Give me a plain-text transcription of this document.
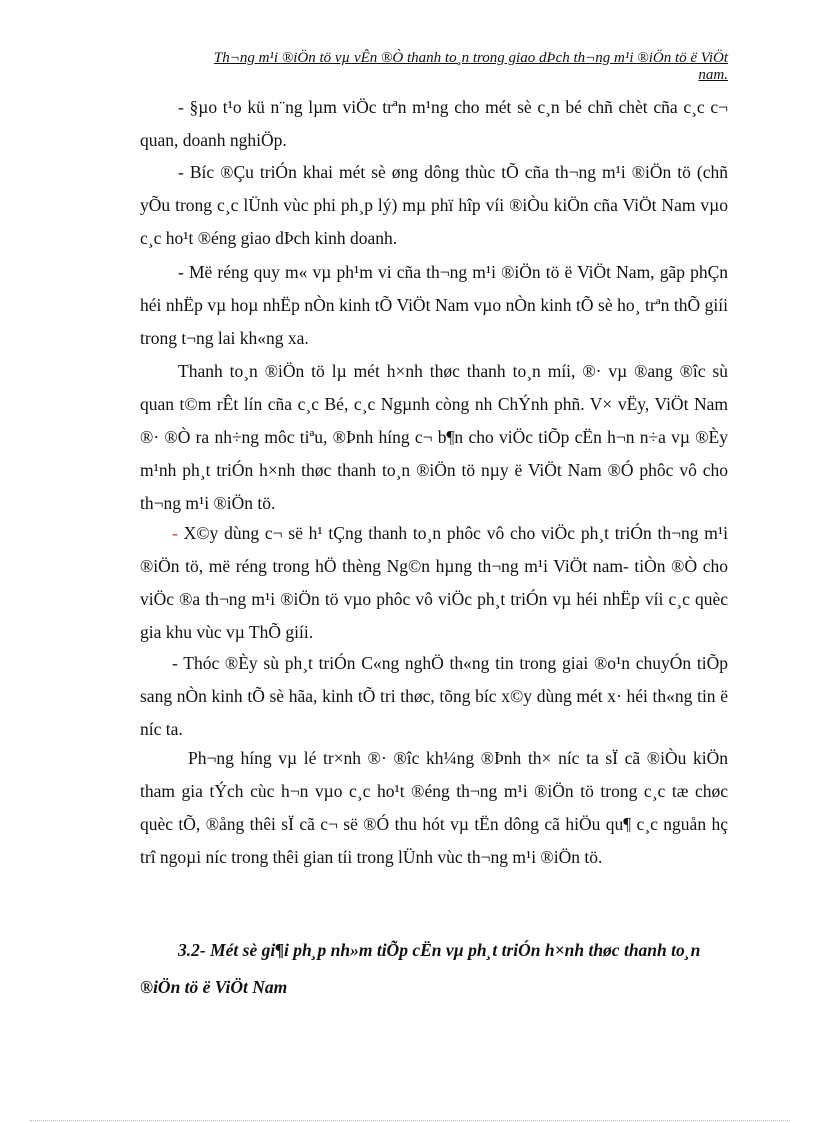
Th¬ng m¹i ®iÖn tö vµ vÊn ®Ò thanh to¸n trong giao dÞch th¬ng m¹i ®iÖn tö ë ViÖt
nam.
- §µo t¹o kü n¨ng lµm viÖc trªn m¹ng cho mét sè c¸n bé chñ chèt cña c¸c c¬ quan, doanh nghiÖp.
- Bíc ®Çu triÓn khai mét sè øng dông thùc tÕ cña th¬ng m¹i ®iÖn tö (chñ yÕu trong c¸c lÜnh vùc phi ph¸p lý) mµ phï hîp víi ®iÒu kiÖn cña ViÖt Nam vµo c¸c ho¹t ®éng giao dÞch kinh doanh.
- Më réng quy m« vµ ph¹m vi cña th¬ng m¹i ®iÖn tö ë ViÖt Nam, gãp phÇn héi nhËp vµ hoµ nhËp nÒn kinh tÕ ViÖt Nam vµo nÒn kinh tÕ sè ho¸ trªn thÕ giíi trong t¬ng lai kh«ng xa.
Thanh to¸n ®iÖn tö lµ mét h×nh thøc thanh to¸n míi, ®· vµ ®ang ®îc sù quan t©m rÊt lín cña c¸c Bé, c¸c Ngµnh còng nh ChÝnh phñ. V× vËy, ViÖt Nam ®· ®Ò ra nh÷ng môc tiªu, ®Þnh híng c¬ b¶n cho viÖc tiÕp cËn h¬n n÷a vµ ®Èy m¹nh ph¸t triÓn h×nh thøc thanh to¸n ®iÖn tö nµy ë ViÖt Nam ®Ó phôc vô cho th¬ng m¹i ®iÖn tö.
- X©y dùng c¬ së h¹ tÇng thanh to¸n phôc vô cho viÖc ph¸t triÓn th¬ng m¹i ®iÖn tö, më réng trong hÖ thèng Ng©n hµng th¬ng m¹i ViÖt nam- tiÒn ®Ò cho viÖc ®a th¬ng m¹i ®iÖn tö vµo phôc vô viÖc ph¸t triÓn vµ héi nhËp víi c¸c quèc gia khu vùc vµ ThÕ giíi.
- Thóc ®Èy sù ph¸t triÓn C«ng nghÖ th«ng tin trong giai ®o¹n chuyÓn tiÕp sang nÒn kinh tÕ sè hãa, kinh tÕ tri thøc, tõng bíc x©y dùng mét x· héi th«ng tin ë níc ta.
Ph¬ng híng vµ lé tr×nh ®· ®îc kh¼ng ®Þnh th× níc ta sÏ cã ®iÒu kiÖn tham gia tÝch cùc h¬n vµo c¸c ho¹t ®éng th¬ng m¹i ®iÖn tö trong c¸c tæ chøc quèc tÕ, ®ång thêi sÏ cã c¬ së ®Ó thu hót vµ tËn dông cã hiÖu qu¶ c¸c nguån hç trî ngoµi níc trong thêi gian tíi trong lÜnh vùc th¬ng m¹i ®iÖn tö.
3.2- Mét sè gi¶i ph¸p nh»m tiÕp cËn vµ ph¸t triÓn h×nh thøc thanh to¸n ®iÖn tö ë ViÖt Nam
